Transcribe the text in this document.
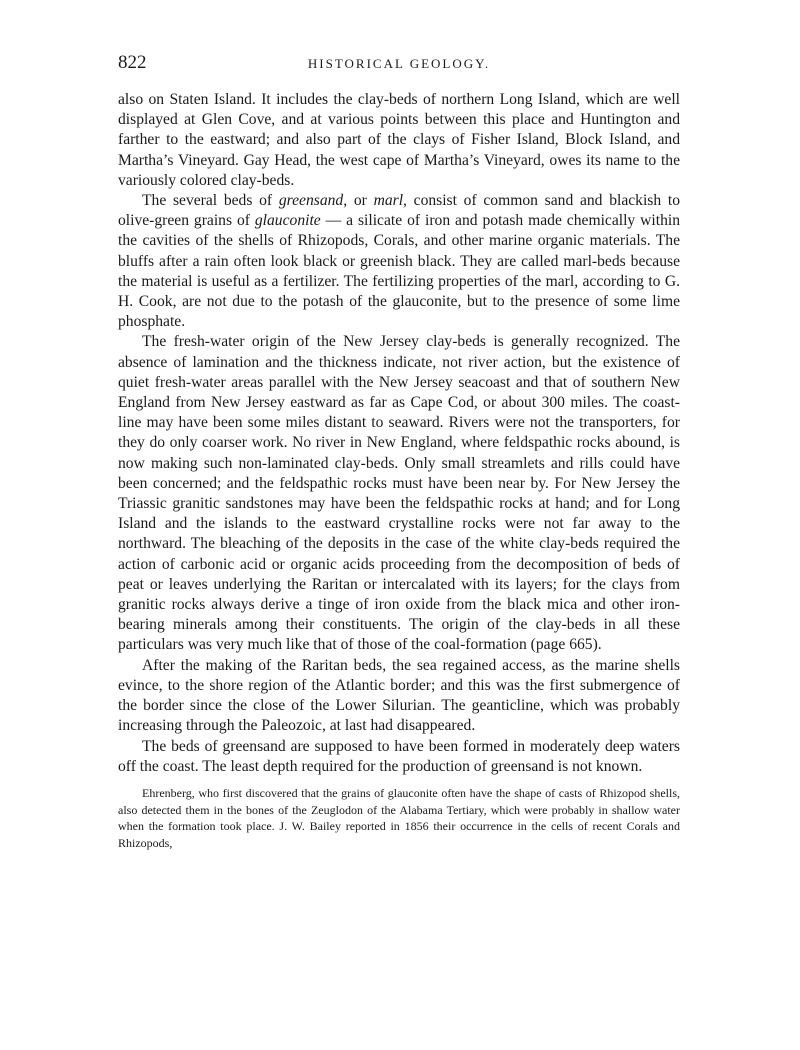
822	HISTORICAL GEOLOGY.

also on Staten Island. It includes the clay-beds of northern Long Island, which are well displayed at Glen Cove, and at various points between this place and Huntington and farther to the eastward; and also part of the clays of Fisher Island, Block Island, and Martha’s Vineyard. Gay Head, the west cape of Martha’s Vineyard, owes its name to the variously colored clay-beds.

The several beds of greensand, or marl, consist of common sand and blackish to olive-green grains of glauconite — a silicate of iron and potash made chemically within the cavities of the shells of Rhizopods, Corals, and other marine organic materials. The bluffs after a rain often look black or greenish black. They are called marl-beds because the material is useful as a fertilizer. The fertilizing properties of the marl, according to G. H. Cook, are not due to the potash of the glauconite, but to the presence of some lime phosphate.

The fresh-water origin of the New Jersey clay-beds is generally recognized. The absence of lamination and the thickness indicate, not river action, but the existence of quiet fresh-water areas parallel with the New Jersey seacoast and that of southern New England from New Jersey eastward as far as Cape Cod, or about 300 miles. The coast-line may have been some miles distant to seaward. Rivers were not the transporters, for they do only coarser work. No river in New England, where feldspathic rocks abound, is now making such non-laminated clay-beds. Only small streamlets and rills could have been concerned; and the feldspathic rocks must have been near by. For New Jersey the Triassic granitic sandstones may have been the feldspathic rocks at hand; and for Long Island and the islands to the eastward crystalline rocks were not far away to the northward. The bleaching of the deposits in the case of the white clay-beds required the action of carbonic acid or organic acids proceeding from the decomposition of beds of peat or leaves underlying the Raritan or intercalated with its layers; for the clays from granitic rocks always derive a tinge of iron oxide from the black mica and other iron-bearing minerals among their constituents. The origin of the clay-beds in all these particulars was very much like that of those of the coal-formation (page 665).

After the making of the Raritan beds, the sea regained access, as the marine shells evince, to the shore region of the Atlantic border; and this was the first submergence of the border since the close of the Lower Silurian. The geanticline, which was probably increasing through the Paleozoic, at last had disappeared.

The beds of greensand are supposed to have been formed in moderately deep waters off the coast. The least depth required for the production of greensand is not known.

Ehrenberg, who first discovered that the grains of glauconite often have the shape of casts of Rhizopod shells, also detected them in the bones of the Zeuglodon of the Alabama Tertiary, which were probably in shallow water when the formation took place. J. W. Bailey reported in 1856 their occurrence in the cells of recent Corals and Rhizopods,
